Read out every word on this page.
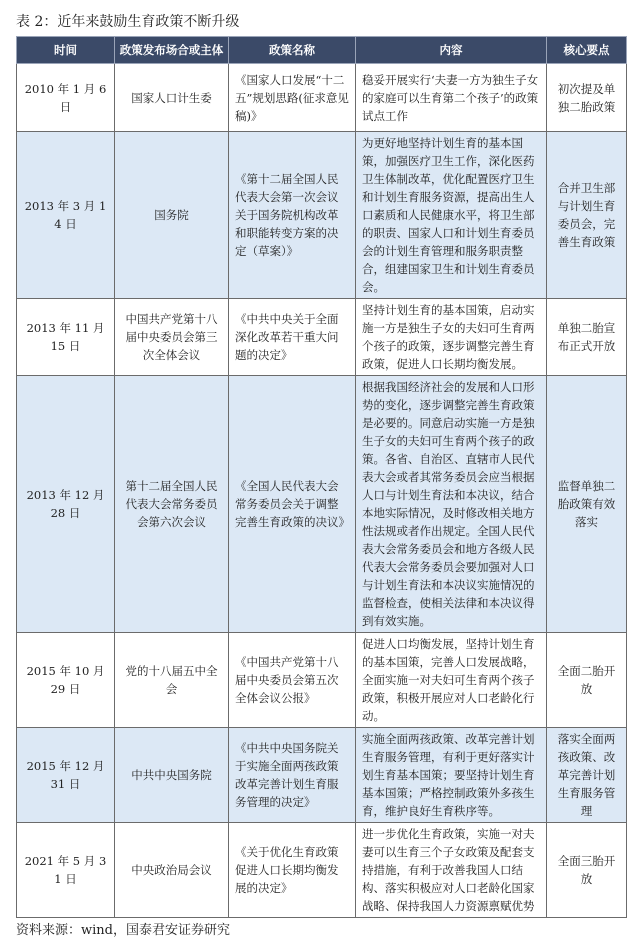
表 2：近年来鼓励生育政策不断升级
时间	政策发布场合或主体	政策名称	内容	核心要点
2010 年 1 月 6 日	国家人口计生委	《国家人口发展“十二五”规划思路(征求意见稿)》	稳妥开展实行‘夫妻一方为独生子女的家庭可以生育第二个孩子’的政策试点工作	初次提及单独二胎政策
2013 年 3 月 14 日	国务院	《第十二届全国人民代表大会第一次会议关于国务院机构改革和职能转变方案的决定（草案）》	为更好地坚持计划生育的基本国策，加强医疗卫生工作，深化医药卫生体制改革，优化配置医疗卫生和计划生育服务资源，提高出生人口素质和人民健康水平，将卫生部的职责、国家人口和计划生育委员会的计划生育管理和服务职责整合，组建国家卫生和计划生育委员会。	合并卫生部与计划生育委员会，完善生育政策
2013 年 11 月 15 日	中国共产党第十八届中央委员会第三次全体会议	《中共中央关于全面深化改革若干重大问题的决定》	坚持计划生育的基本国策，启动实施一方是独生子女的夫妇可生育两个孩子的政策，逐步调整完善生育政策，促进人口长期均衡发展。	单独二胎宣布正式开放
2013 年 12 月 28 日	第十二届全国人民代表大会常务委员会第六次会议	《全国人民代表大会常务委员会关于调整完善生育政策的决议》	根据我国经济社会的发展和人口形势的变化，逐步调整完善生育政策是必要的。同意启动实施一方是独生子女的夫妇可生育两个孩子的政策。各省、自治区、直辖市人民代表大会或者其常务委员会应当根据人口与计划生育法和本决议，结合本地实际情况，及时修改相关地方性法规或者作出规定。全国人民代表大会常务委员会和地方各级人民代表大会常务委员会要加强对人口与计划生育法和本决议实施情况的监督检查，使相关法律和本决议得到有效实施。	监督单独二胎政策有效落实
2015 年 10 月 29 日	党的十八届五中全会	《中国共产党第十八届中央委员会第五次全体会议公报》	促进人口均衡发展，坚持计划生育的基本国策，完善人口发展战略，全面实施一对夫妇可生育两个孩子政策，积极开展应对人口老龄化行动。	全面二胎开放
2015 年 12 月 31 日	中共中央国务院	《中共中央国务院关于实施全面两孩政策改革完善计划生育服务管理的决定》	实施全面两孩政策、改革完善计划生育服务管理，有利于更好落实计划生育基本国策；要坚持计划生育基本国策；严格控制政策外多孩生育，维护良好生育秩序等。	落实全面两孩政策、改革完善计划生育服务管理
2021 年 5 月 31 日	中央政治局会议	《关于优化生育政策促进人口长期均衡发展的决定》	进一步优化生育政策，实施一对夫妻可以生育三个子女政策及配套支持措施，有利于改善我国人口结构、落实积极应对人口老龄化国家战略、保持我国人力资源禀赋优势	全面三胎开放
资料来源：wind，国泰君安证券研究
